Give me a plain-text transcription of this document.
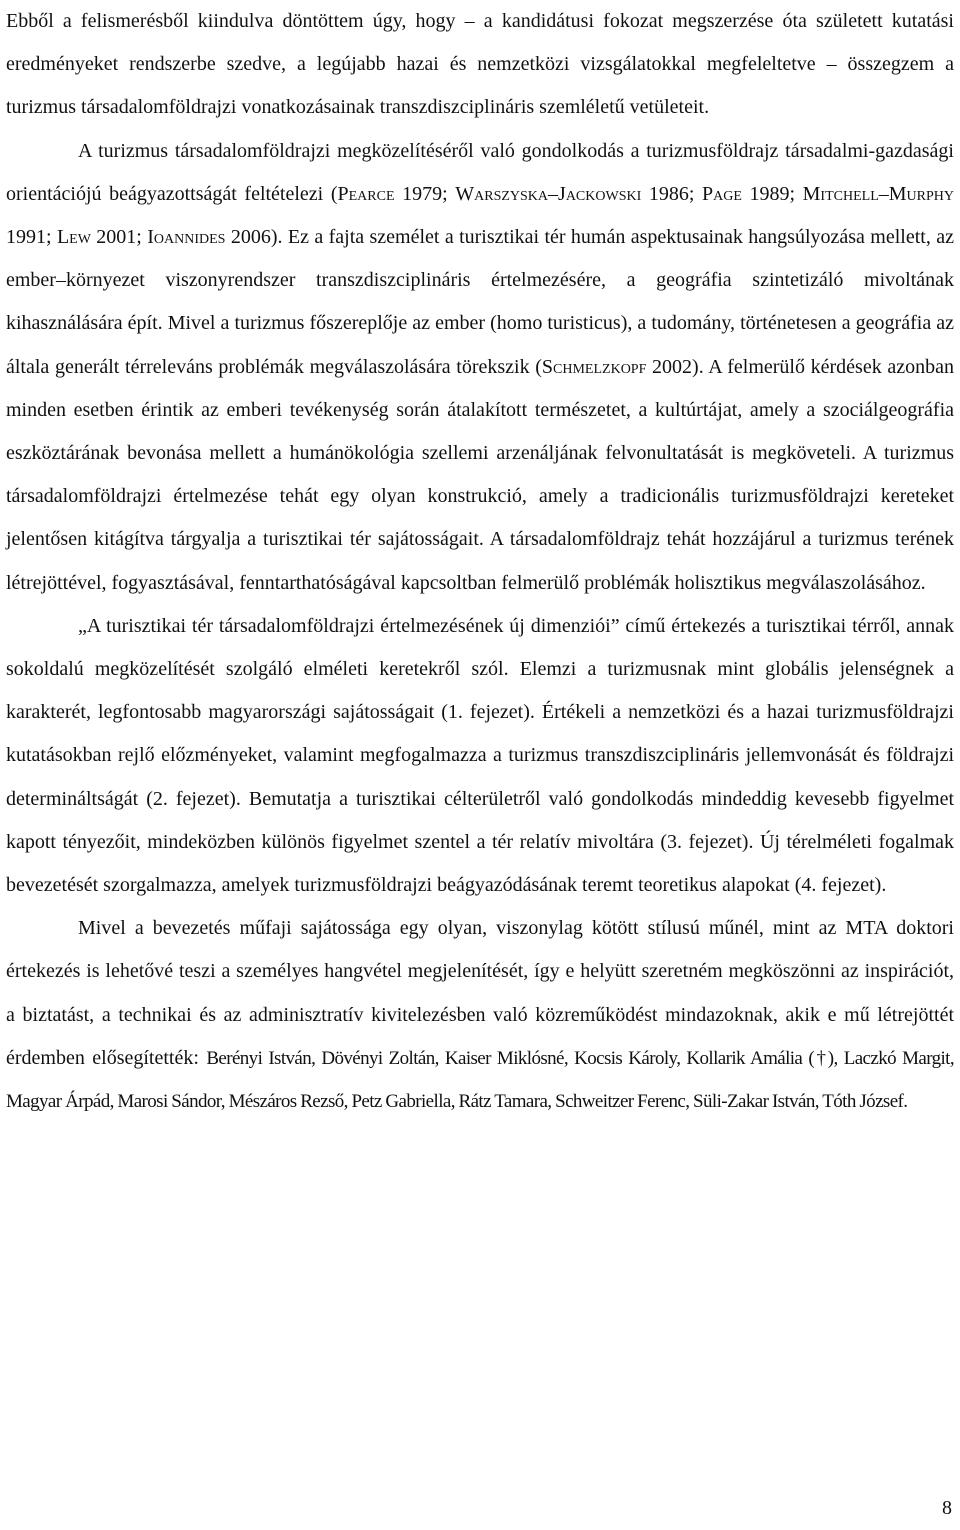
Ebből a felismerésből kiindulva döntöttem úgy, hogy – a kandidátusi fokozat megszerzése óta született kutatási eredményeket rendszerbe szedve, a legújabb hazai és nemzetközi vizsgálatokkal megfeleltetve – összegzem a turizmus társadalomföldrajzi vonatkozásainak transzdiszciplináris szemléletű vetületeit.

A turizmus társadalomföldrajzi megközelítéséről való gondolkodás a turizmusföldrajz társadalmi-gazdasági orientációjú beágyazottságát feltételezi (Pearce 1979; Warszyska–Jackowski 1986; Page 1989; Mitchell–Murphy 1991; Lew 2001; Ioannides 2006). Ez a fajta személet a turisztikai tér humán aspektusainak hangsúlyozása mellett, az ember–környezet viszonyrendszer transzdiszciplináris értelmezésére, a geográfia szintetizáló mivoltának kihasználására épít. Mivel a turizmus főszereplője az ember (homo turisticus), a tudomány, történetesen a geográfia az általa generált térreleváns problémák megválaszolására törekszik (Schmelzkopf 2002). A felmerülő kérdések azonban minden esetben érintik az emberi tevékenység során átalakított természetet, a kultúrtájat, amely a szociálgeográfia eszköztárának bevonása mellett a humánökológia szellemi arzenáljának felvonultatását is megköveteli. A turizmus társadalomföldrajzi értelmezése tehát egy olyan konstrukció, amely a tradicionális turizmusföldrajzi kereteket jelentősen kitágítva tárgyalja a turisztikai tér sajátosságait. A társadalomföldrajz tehát hozzájárul a turizmus terének létrejöttével, fogyasztásával, fenntarthatóságával kapcsoltban felmerülő problémák holisztikus megválaszolásához.

„A turisztikai tér társadalomföldrajzi értelmezésének új dimenziói” című értekezés a turisztikai térről, annak sokoldalú megközelítését szolgáló elméleti keretekről szól. Elemzi a turizmusnak mint globális jelenségnek a karakterét, legfontosabb magyarországi sajátosságait (1. fejezet). Értékeli a nemzetközi és a hazai turizmusföldrajzi kutatásokban rejlő előzményeket, valamint megfogalmazza a turizmus transzdiszciplináris jellemvonását és földrajzi determináltságát (2. fejezet). Bemutatja a turisztikai célterületről való gondolkodás mindeddig kevesebb figyelmet kapott tényezőit, mindeközben különös figyelmet szentel a tér relatív mivoltára (3. fejezet). Új térelméleti fogalmak bevezetését szorgalmazza, amelyek turizmusföldrajzi beágyazódásának teremt teoretikus alapokat (4. fejezet).

Mivel a bevezetés műfaji sajátossága egy olyan, viszonylag kötött stílusú műnél, mint az MTA doktori értekezés is lehetővé teszi a személyes hangvétel megjelenítését, így e helyütt szeretném megköszönni az inspirációt, a biztatást, a technikai és az adminisztratív kivitelezésben való közreműködést mindazoknak, akik e mű létrejöttét érdemben elősegítették: Berényi István, Dövényi Zoltán, Kaiser Miklósné, Kocsis Károly, Kollarik Amália (†), Laczkó Margit, Magyar Árpád, Marosi Sándor, Mészáros Rezső, Petz Gabriella, Rátz Tamara, Schweitzer Ferenc, Süli-Zakar István, Tóth József.

8
